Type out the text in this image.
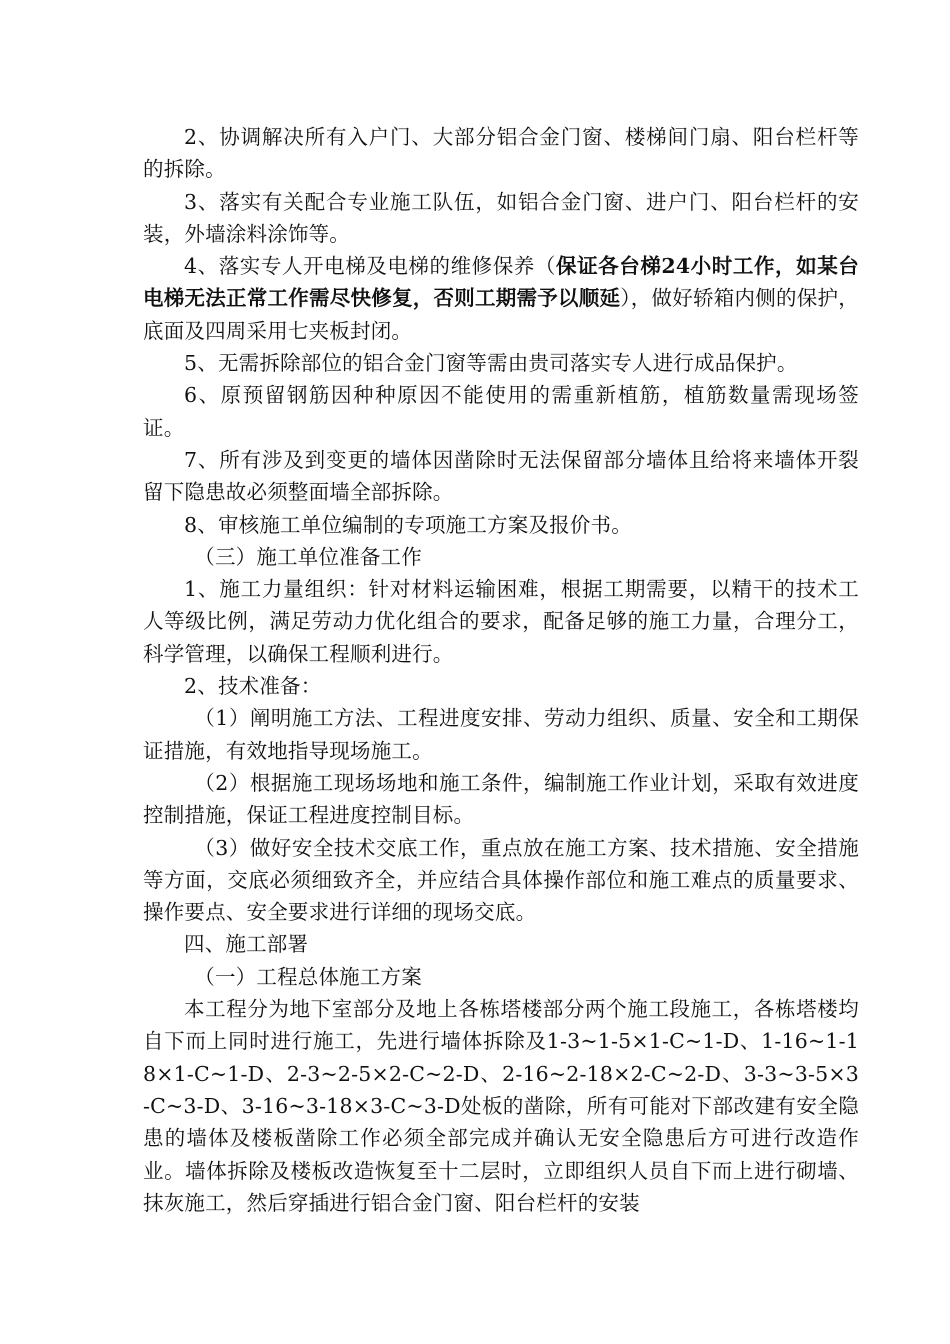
2、协调解决所有入户门、大部分铝合金门窗、楼梯间门扇、阳台栏杆等的拆除。

3、落实有关配合专业施工队伍，如铝合金门窗、进户门、阳台栏杆的安装，外墙涂料涂饰等。

4、落实专人开电梯及电梯的维修保养（保证各台梯24小时工作，如某台电梯无法正常工作需尽快修复，否则工期需予以顺延），做好轿箱内侧的保护，底面及四周采用七夹板封闭。

5、无需拆除部位的铝合金门窗等需由贵司落实专人进行成品保护。

6、原预留钢筋因种种原因不能使用的需重新植筋，植筋数量需现场签证。

7、所有涉及到变更的墙体因凿除时无法保留部分墙体且给将来墙体开裂留下隐患故必须整面墙全部拆除。

8、审核施工单位编制的专项施工方案及报价书。

（三）施工单位准备工作

1、施工力量组织：针对材料运输困难，根据工期需要，以精干的技术工人等级比例，满足劳动力优化组合的要求，配备足够的施工力量，合理分工，科学管理，以确保工程顺利进行。

2、技术准备：

（1）阐明施工方法、工程进度安排、劳动力组织、质量、安全和工期保证措施，有效地指导现场施工。

（2）根据施工现场场地和施工条件，编制施工作业计划，采取有效进度控制措施，保证工程进度控制目标。

（3）做好安全技术交底工作，重点放在施工方案、技术措施、安全措施等方面，交底必须细致齐全，并应结合具体操作部位和施工难点的质量要求、操作要点、安全要求进行详细的现场交底。

四、施工部署

（一）工程总体施工方案

本工程分为地下室部分及地上各栋塔楼部分两个施工段施工，各栋塔楼均自下而上同时进行施工，先进行墙体拆除及1-3~1-5×1-C~1-D、1-16~1-18×1-C~1-D、2-3~2-5×2-C~2-D、2-16~2-18×2-C~2-D、3-3~3-5×3-C~3-D、3-16~3-18×3-C~3-D处板的凿除，所有可能对下部改建有安全隐患的墙体及楼板凿除工作必须全部完成并确认无安全隐患后方可进行改造作业。墙体拆除及楼板改造恢复至十二层时，立即组织人员自下而上进行砌墙、抹灰施工，然后穿插进行铝合金门窗、阳台栏杆的安装
